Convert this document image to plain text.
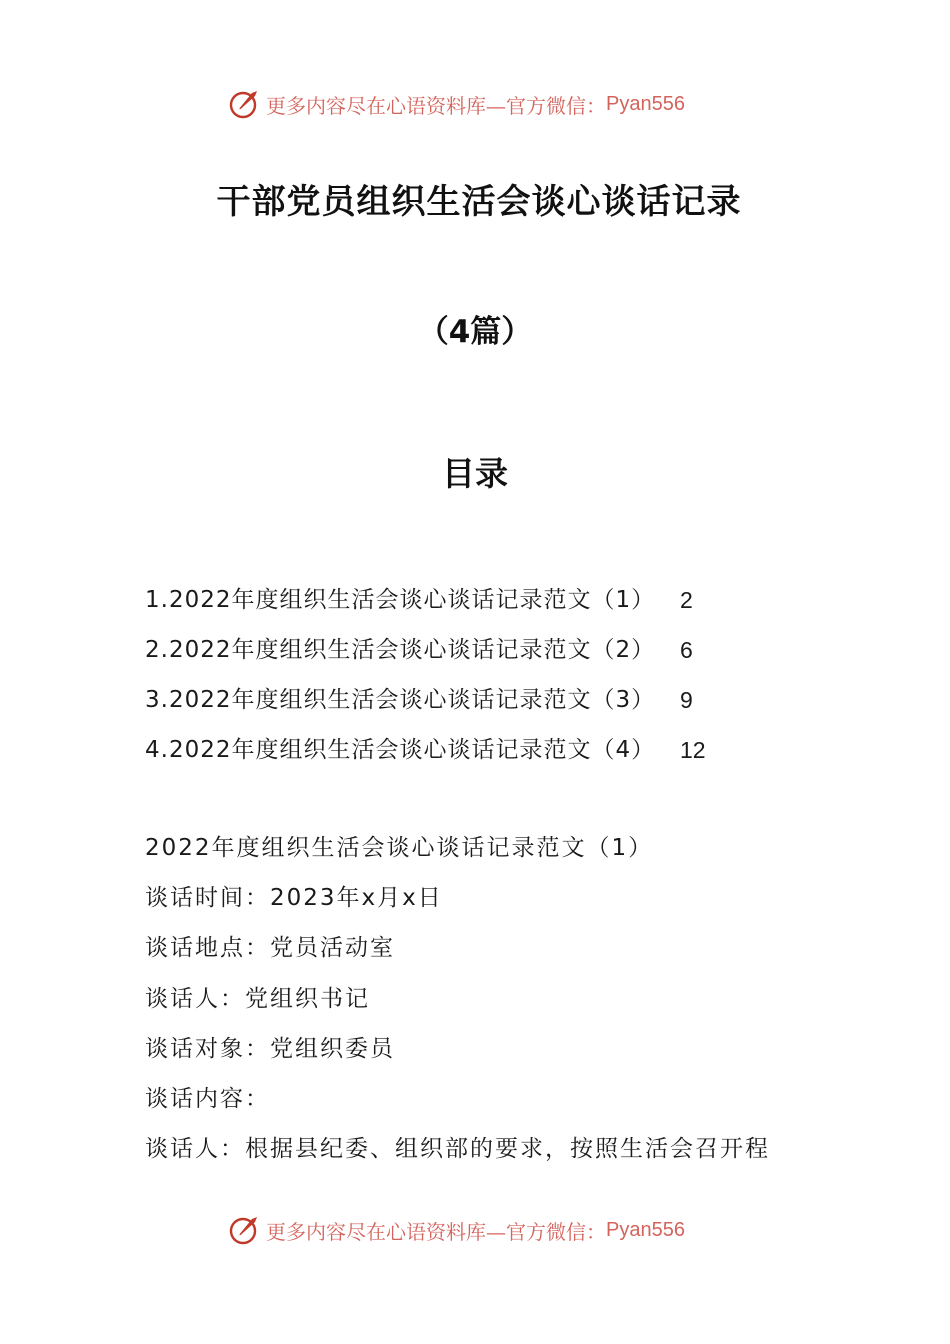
更多内容尽在心语资料库—官方微信： Pyan556
干部党员组织生活会谈心谈话记录
（4篇）
目录
1.2022年度组织生活会谈心谈话记录范文（1）	2
2.2022年度组织生活会谈心谈话记录范文（2）	6
3.2022年度组织生活会谈心谈话记录范文（3）	9
4.2022年度组织生活会谈心谈话记录范文（4）	12

2022年度组织生活会谈心谈话记录范文（1）

谈话时间：2023年x月x日

谈话地点：党员活动室

谈话人：党组织书记

谈话对象：党组织委员

谈话内容：

谈话人：根据县纪委、组织部的要求，按照生活会召开程

更多内容尽在心语资料库—官方微信： Pyan556
